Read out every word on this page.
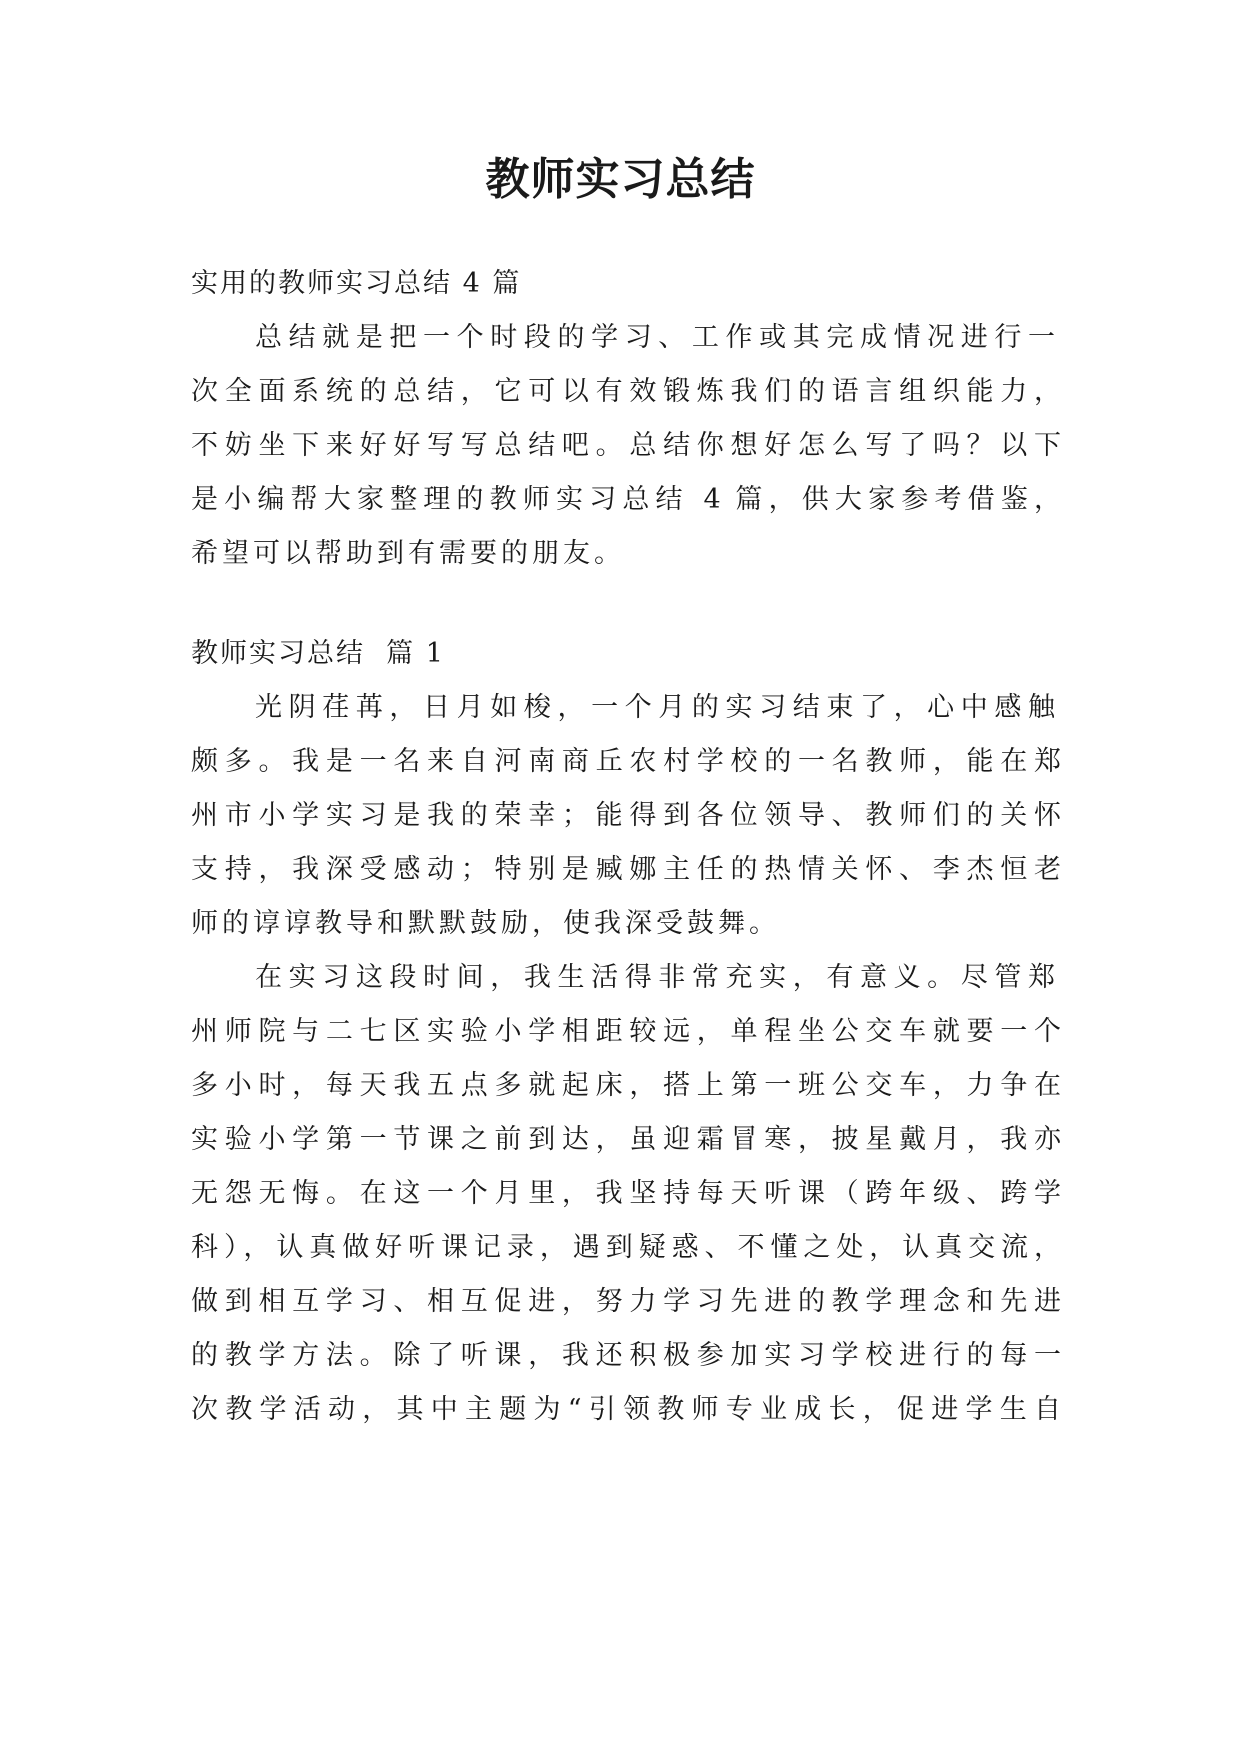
教师实习总结

实用的教师实习总结 4 篇

总结就是把一个时段的学习、工作或其完成情况进行一

次全面系统的总结，它可以有效锻炼我们的语言组织能力，

不妨坐下来好好写写总结吧。总结你想好怎么写了吗？以下

是小编帮大家整理的教师实习总结 4 篇，供大家参考借鉴，

希望可以帮助到有需要的朋友。

教师实习总结  篇 1

光阴荏苒，日月如梭，一个月的实习结束了，心中感触

颇多。我是一名来自河南商丘农村学校的一名教师，能在郑

州市小学实习是我的荣幸；能得到各位领导、教师们的关怀

支持，我深受感动；特别是臧娜主任的热情关怀、李杰恒老

师的谆谆教导和默默鼓励，使我深受鼓舞。

在实习这段时间，我生活得非常充实，有意义。尽管郑

州师院与二七区实验小学相距较远，单程坐公交车就要一个

多小时，每天我五点多就起床，搭上第一班公交车，力争在

实验小学第一节课之前到达，虽迎霜冒寒，披星戴月，我亦

无怨无悔。在这一个月里，我坚持每天听课（跨年级、跨学

科），认真做好听课记录，遇到疑惑、不懂之处，认真交流，

做到相互学习、相互促进，努力学习先进的教学理念和先进

的教学方法。除了听课，我还积极参加实习学校进行的每一

次教学活动，其中主题为“引领教师专业成长，促进学生自
